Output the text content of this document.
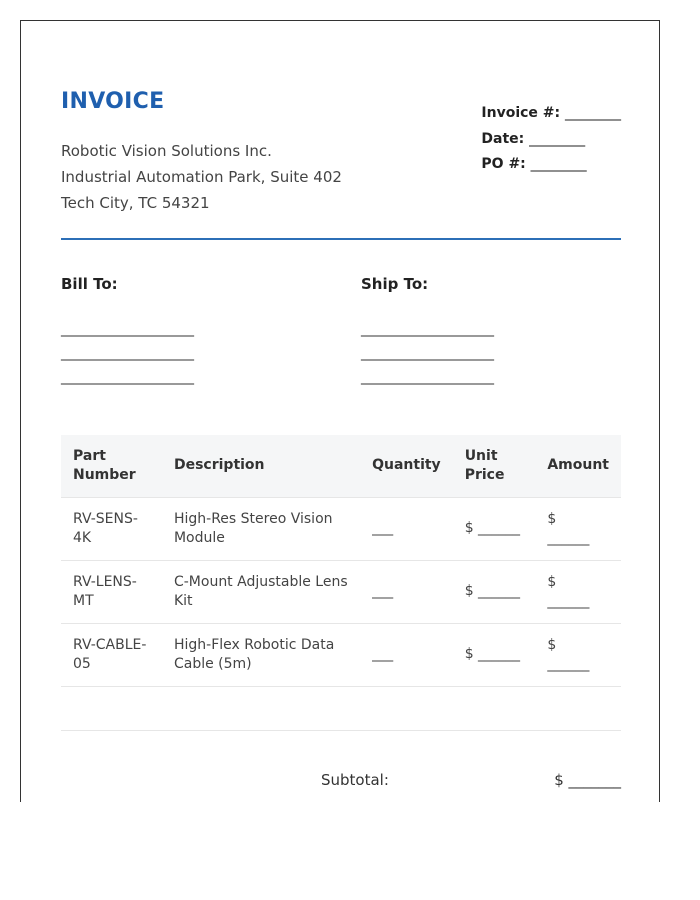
INVOICE
Robotic Vision Solutions Inc.
Industrial Automation Park, Suite 402
Tech City, TC 54321
Invoice #: ________
Date: ________
PO #: ________
Bill To:
___________________
___________________
___________________
Ship To:
___________________
___________________
___________________
Part Number	Description	Quantity	Unit Price	Amount
RV-SENS-4K	High-Res Stereo Vision Module	___	$ ______	$
______

RV-LENS-MT	C-Mount Adjustable Lens Kit	___	$ ______	$
______

RV-CABLE-05	High-Flex Robotic Data Cable (5m)	___	$ ______	$
______

Subtotal:	$ _______
